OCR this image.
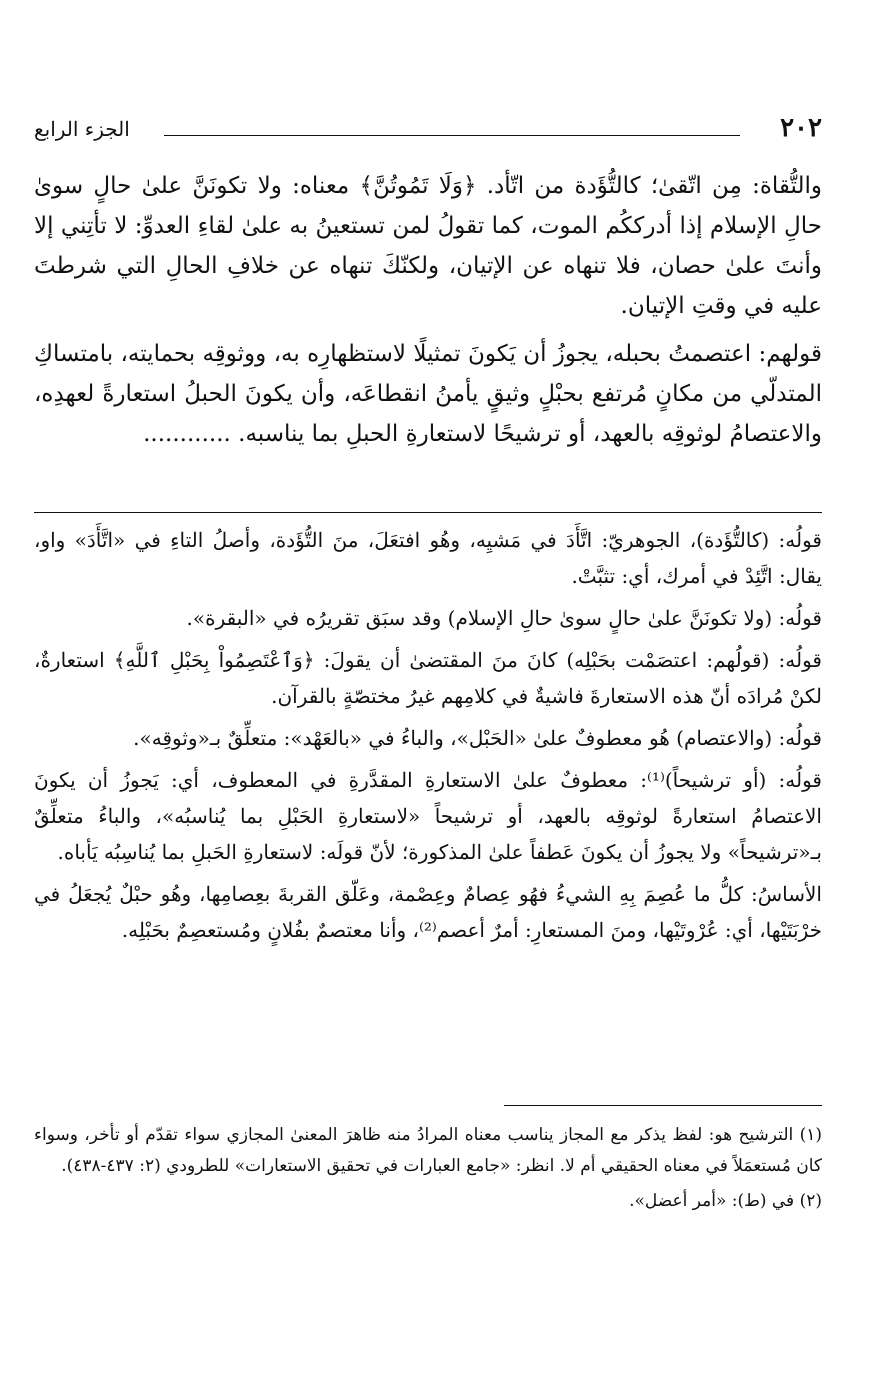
٢٠٢
الجزء الرابع

والتُّقاة: مِن اتّقىٰ؛ كالتُّؤَدة من اتّأد. ﴿وَلَا تَمُوتُنَّ﴾ معناه: ولا تكونَنَّ علىٰ حالٍ سوىٰ حالِ الإسلام إذا أدرككُم الموت، كما تقولُ لمن تستعينُ به علىٰ لقاءِ العدوِّ: لا تأتِني إلا وأنتَ علىٰ حصان، فلا تنهاه عن الإتيان، ولكنّكَ تنهاه عن خلافِ الحالِ التي شرطتَ عليه في وقتِ الإتيان.

قولهم: اعتصمتُ بحبله، يجوزُ أن يَكونَ تمثيلًا لاستظهارِه به، ووثوقِه بحمايته، بامتساكِ المتدلّي من مكانٍ مُرتفع بحبْلٍ وثيقٍ يأمنُ انقطاعَه، وأن يكونَ الحبلُ استعارةً لعهدِه، والاعتصامُ لوثوقِه بالعهد، أو ترشيحًا لاستعارةِ الحبلِ بما يناسبه. ............

قولُه: (كالتُّؤَدة)، الجوهريّ: اتَّأَدَ في مَشيِه، وهُو افتعَلَ، منَ التُّؤَدة، وأصلُ التاءِ في «اتَّأَدَ» واو، يقال: اتَّئِدْ في أمرك، أي: تثبَّتْ.

قولُه: (ولا تكونَنَّ علىٰ حالٍ سوىٰ حالِ الإسلام) وقد سبَق تقريرُه في «البقرة».

قولُه: (قولُهم: اعتصَمْت بحَبْلِه) كانَ منَ المقتضىٰ أن يقولَ: ﴿وَٱعْتَصِمُواْ بِحَبْلِ ٱللَّهِ﴾ استعارةٌ، لكنْ مُرادَه أنّ هذه الاستعارةَ فاشيةٌ في كلامِهم غيرُ مختصّةٍ بالقرآن.

قولُه: (والاعتصام) هُو معطوفٌ علىٰ «الحَبْل»، والباءُ في «بالعَهْد»: متعلِّقٌ بـ«وثوقِه».

قولُه: (أو ترشيحاً)⁽¹⁾: معطوفٌ علىٰ الاستعارةِ المقدَّرةِ في المعطوف، أي: يَجوزُ أن يكونَ الاعتصامُ استعارةً لوثوقِه بالعهد، أو ترشيحاً «لاستعارةِ الحَبْلِ بما يُناسبُه»، والباءُ متعلِّقٌ بـ«ترشيحاً» ولا يجوزُ أن يكونَ عَطفاً علىٰ المذكورة؛ لأنّ قولَه: لاستعارةِ الحَبلِ بما يُناسِبُه يَأباه.

الأساسُ: كلُّ ما عُصِمَ بِهِ الشيءُ فهُو عِصامٌ وعِصْمة، وعَلّق القربةَ بعِصامِها، وهُو حبْلٌ يُجعَلُ في خرْبَتَيْها، أي: عُرْوتَيْها، ومنَ المستعارِ: أمرٌ أعصم⁽²⁾، وأنا معتصمٌ بفُلانٍ ومُستعصِمٌ بحَبْلِه.

(١) الترشيح هو: لفظ يذكر مع المجاز يناسب معناه المرادُ منه ظاهرَ المعنىٰ المجازي سواء تقدّم أو تأخر، وسواء كان مُستعمَلاً في معناه الحقيقي أم لا. انظر: «جامع العبارات في تحقيق الاستعارات» للطرودي (٢: ٤٣٧-٤٣٨).

(٢) في (ط): «أمر أعضل».
